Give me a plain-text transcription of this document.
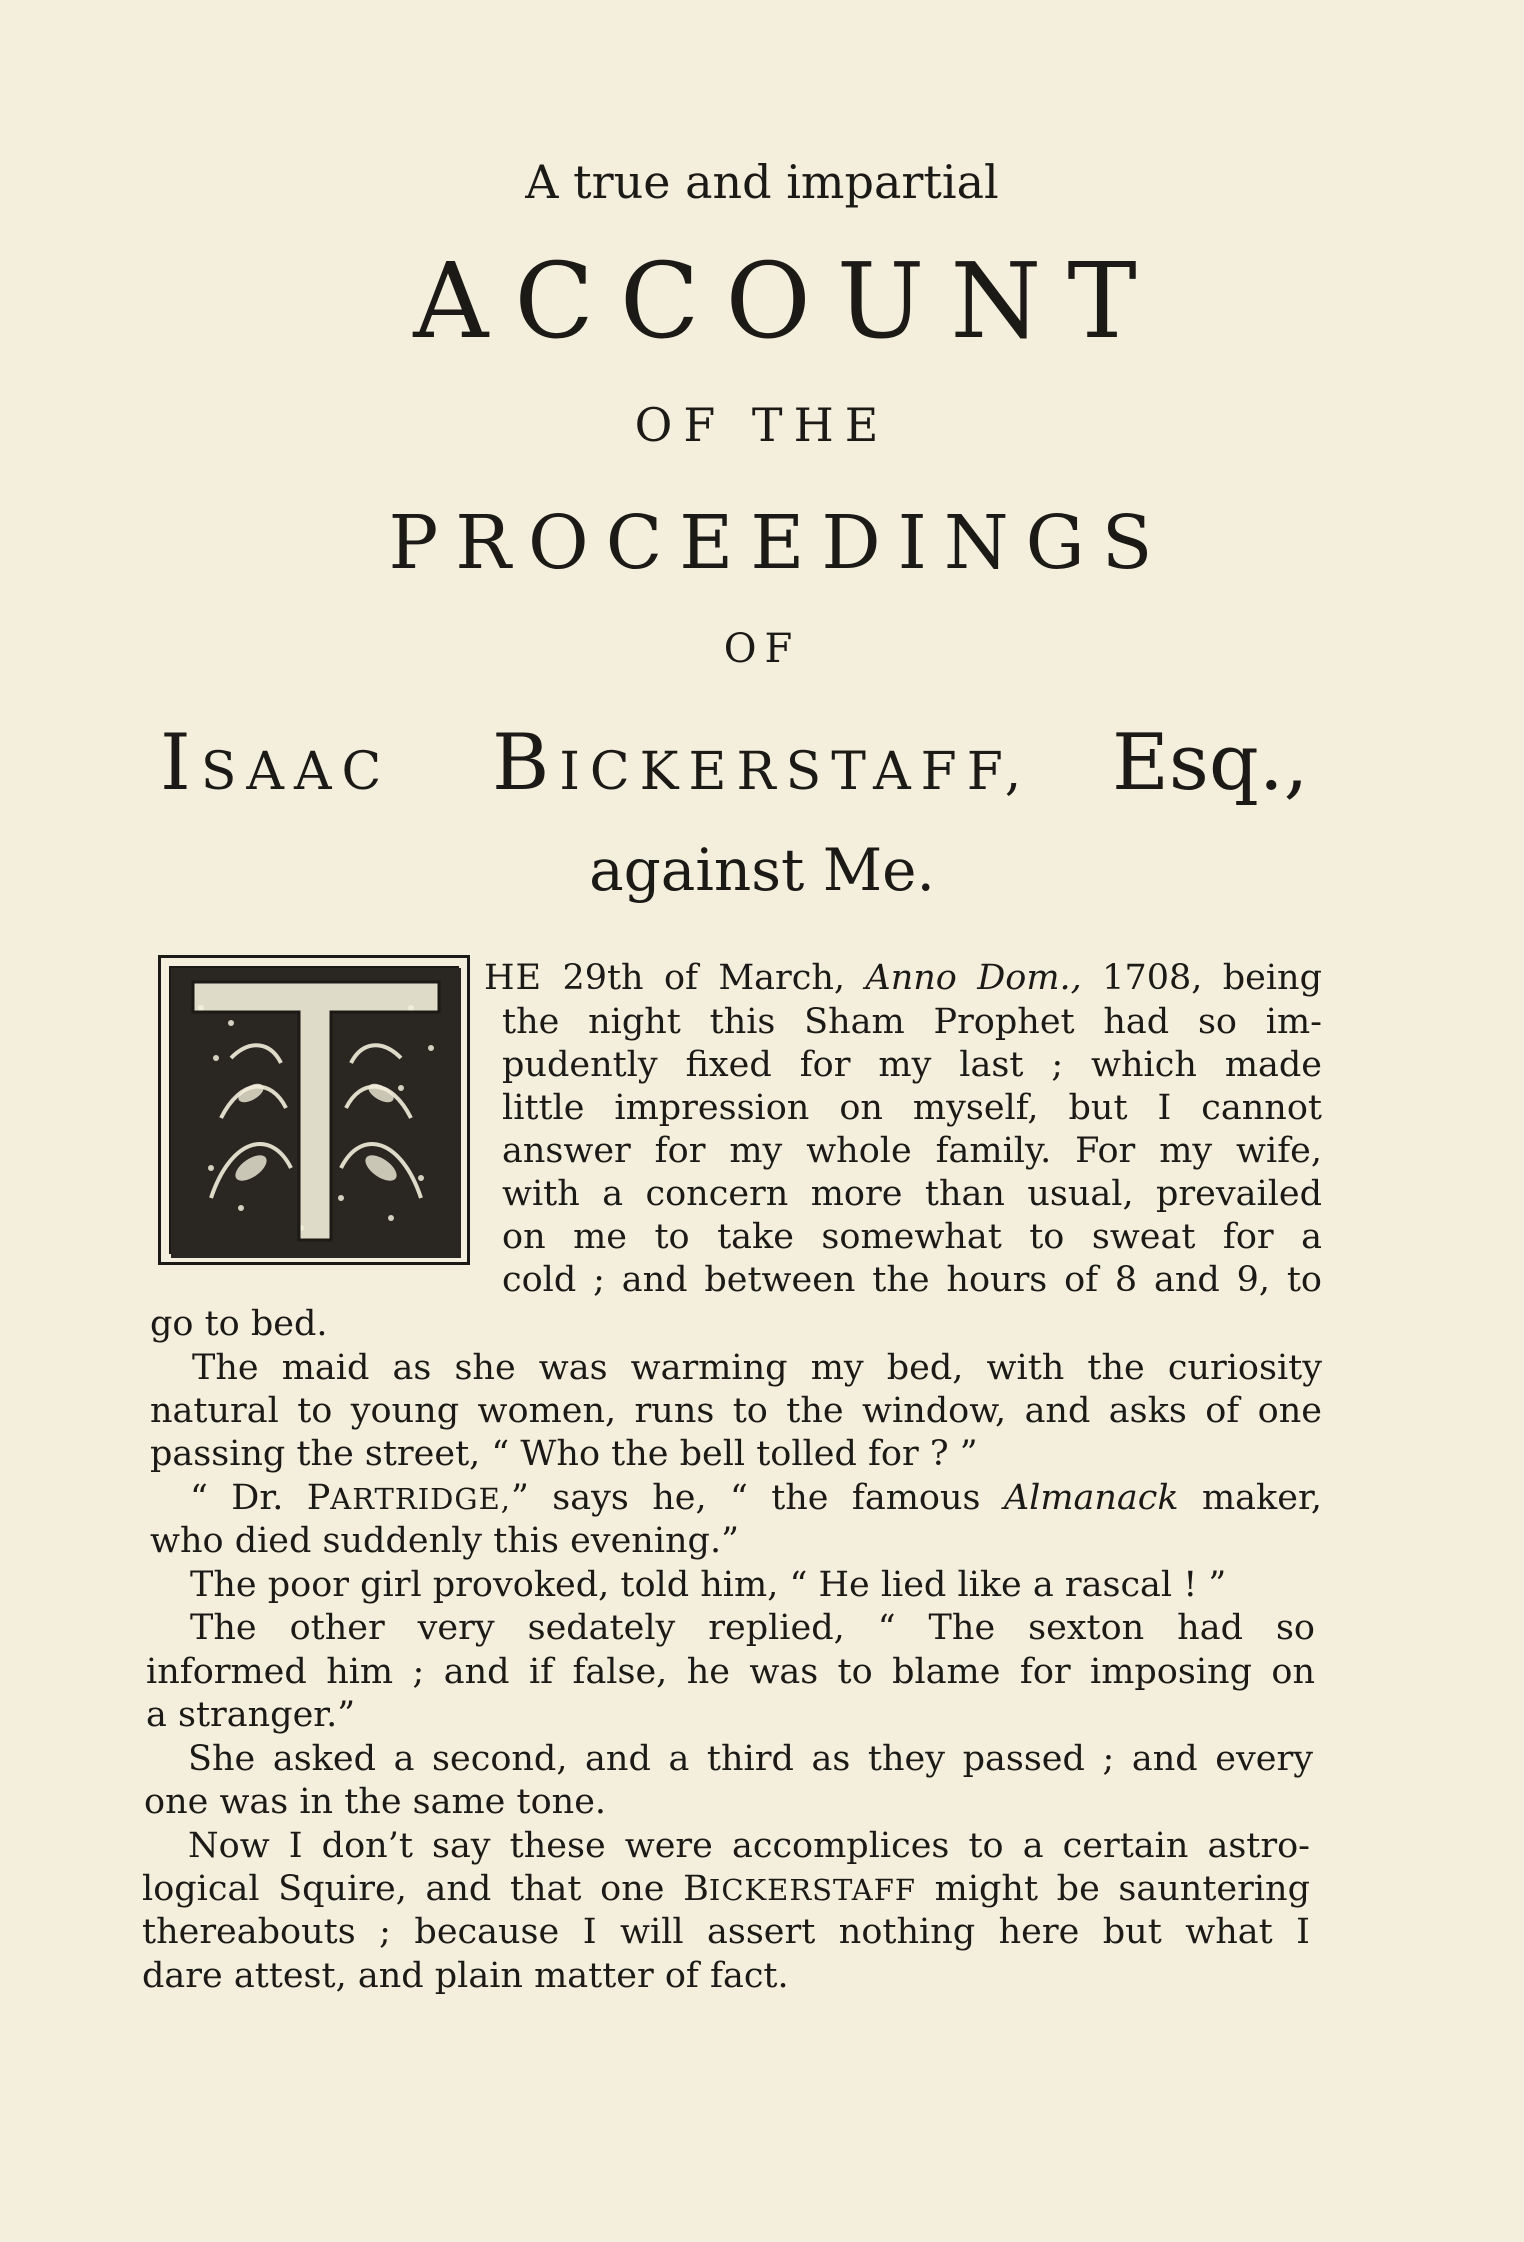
A true and impartial
ACCOUNT
OF THE
PROCEEDINGS
OF
ISAAC BICKERSTAFF, Esq.,
against Me.
HE 29th of March, Anno Dom., 1708, being
the night this Sham Prophet had so im-
pudently fixed for my last ; which made
little impression on myself, but I cannot
answer for my whole family. For my wife,
with a concern more than usual, prevailed
on me to take somewhat to sweat for a
cold ; and between the hours of 8 and 9, to
go to bed.
The maid as she was warming my bed, with the curiosity
natural to young women, runs to the window, and asks of one
passing the street, “ Who the bell tolled for ? ”
“ Dr. PARTRIDGE,” says he, “ the famous Almanack maker,
who died suddenly this evening.”
The poor girl provoked, told him, “ He lied like a rascal ! ”
The other very sedately replied, “ The sexton had so
informed him ; and if false, he was to blame for imposing on
a stranger.”
She asked a second, and a third as they passed ; and every
one was in the same tone.
Now I don’t say these were accomplices to a certain astro-
logical Squire, and that one BICKERSTAFF might be sauntering
thereabouts ; because I will assert nothing here but what I
dare attest, and plain matter of fact.
